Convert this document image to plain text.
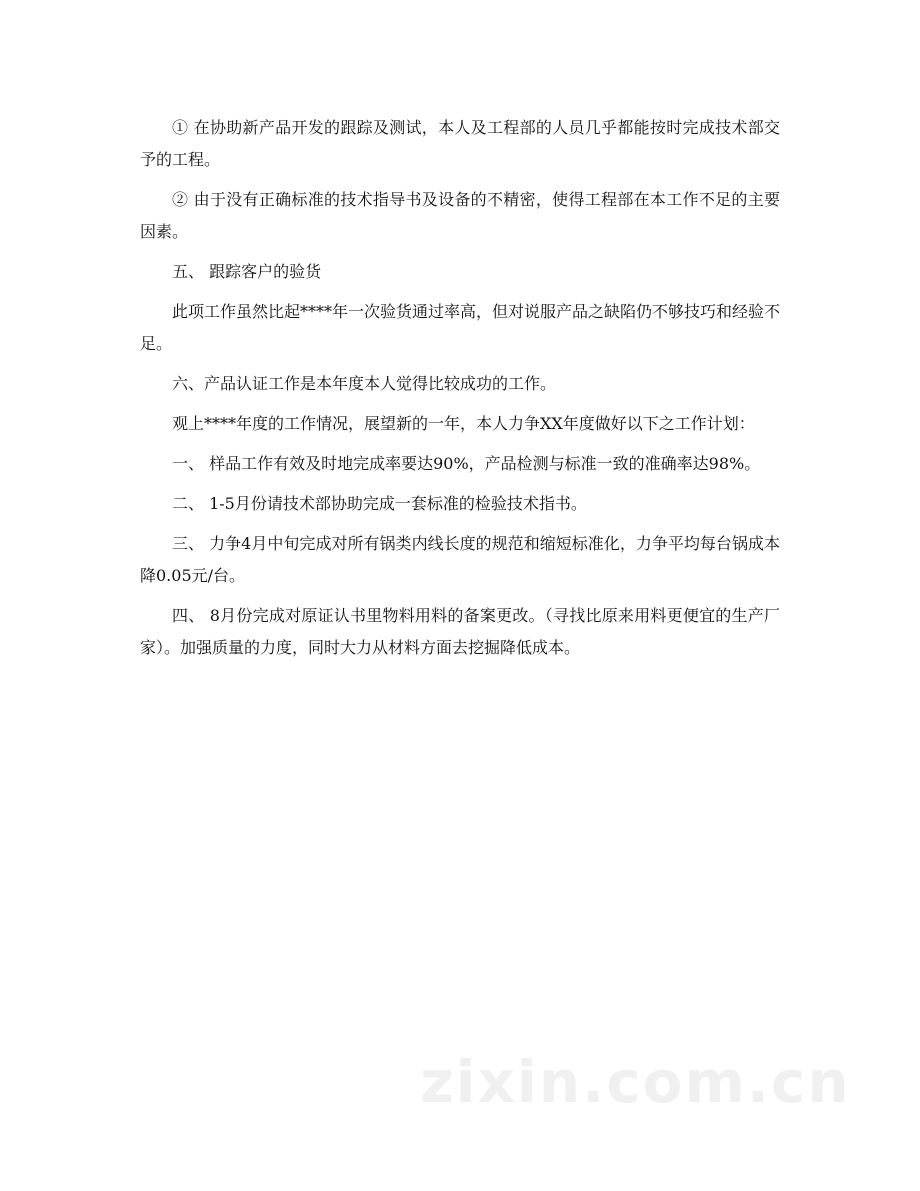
① 在协助新产品开发的跟踪及测试，本人及工程部的人员几乎都能按时完成技术部交予的工程。

② 由于没有正确标准的技术指导书及设备的不精密，使得工程部在本工作不足的主要因素。

五、 跟踪客户的验货

此项工作虽然比起****年一次验货通过率高，但对说服产品之缺陷仍不够技巧和经验不足。

六、产品认证工作是本年度本人觉得比较成功的工作。

观上****年度的工作情况，展望新的一年，本人力争XX年度做好以下之工作计划：

一、 样品工作有效及时地完成率要达90%，产品检测与标准一致的准确率达98%。

二、 1-5月份请技术部协助完成一套标准的检验技术指书。

三、 力争4月中旬完成对所有锅类内线长度的规范和缩短标准化，力争平均每台锅成本降0.05元/台。

四、 8月份完成对原证认书里物料用料的备案更改。（寻找比原来用料更便宜的生产厂家）。加强质量的力度，同时大力从材料方面去挖掘降低成本。

zixin.com.cn
